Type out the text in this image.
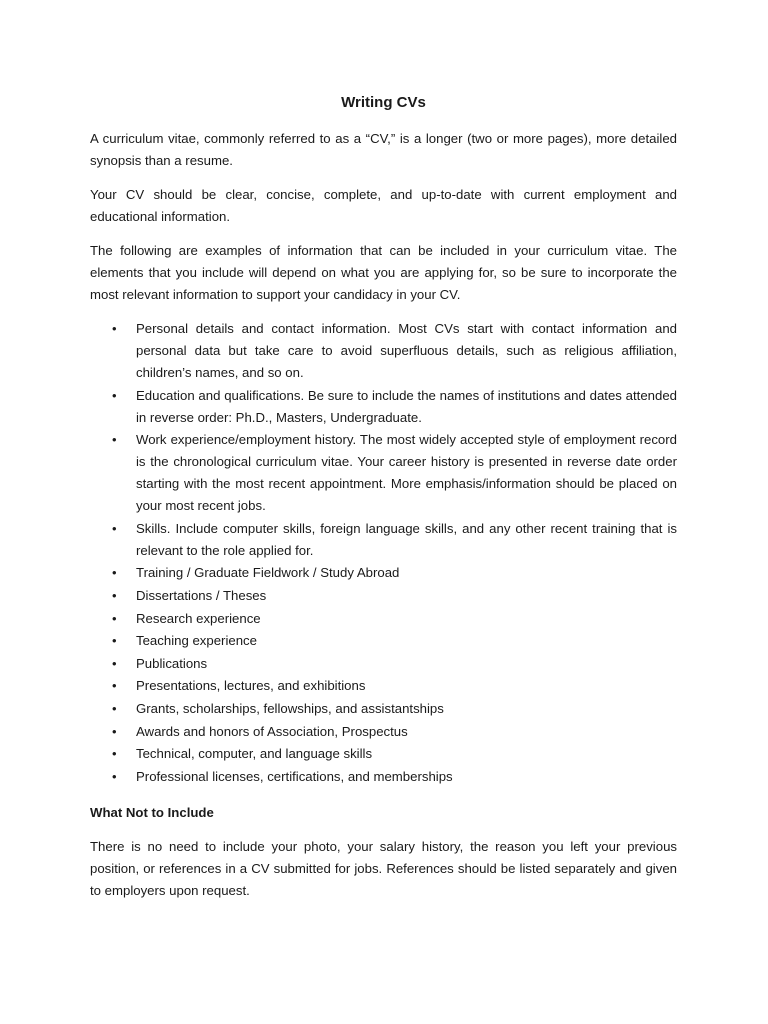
Writing CVs

A curriculum vitae, commonly referred to as a “CV,” is a longer (two or more pages), more detailed synopsis than a resume.

Your CV should be clear, concise, complete, and up-to-date with current employment and educational information.

The following are examples of information that can be included in your curriculum vitae. The elements that you include will depend on what you are applying for, so be sure to incorporate the most relevant information to support your candidacy in your CV.

• Personal details and contact information. Most CVs start with contact information and personal data but take care to avoid superfluous details, such as religious affiliation, children’s names, and so on.
• Education and qualifications. Be sure to include the names of institutions and dates attended in reverse order: Ph.D., Masters, Undergraduate.
• Work experience/employment history. The most widely accepted style of employment record is the chronological curriculum vitae. Your career history is presented in reverse date order starting with the most recent appointment. More emphasis/information should be placed on your most recent jobs.
• Skills. Include computer skills, foreign language skills, and any other recent training that is relevant to the role applied for.
• Training / Graduate Fieldwork / Study Abroad
• Dissertations / Theses
• Research experience
• Teaching experience
• Publications
• Presentations, lectures, and exhibitions
• Grants, scholarships, fellowships, and assistantships
• Awards and honors of Association, Prospectus
• Technical, computer, and language skills
• Professional licenses, certifications, and memberships
What Not to Include

There is no need to include your photo, your salary history, the reason you left your previous position, or references in a CV submitted for jobs. References should be listed separately and given to employers upon request.
